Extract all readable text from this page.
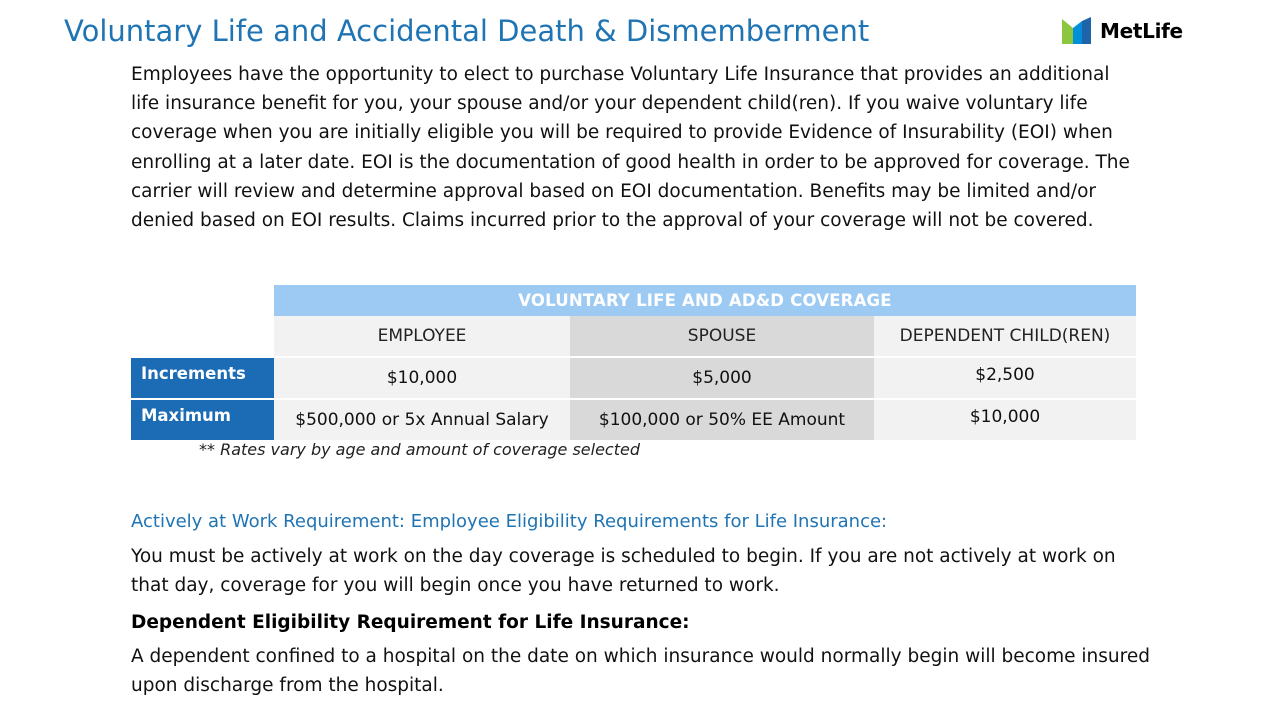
Voluntary Life and Accidental Death & Dismemberment	MetLife

Employees have the opportunity to elect to purchase Voluntary Life Insurance that provides an additional life insurance benefit for you, your spouse and/or your dependent child(ren). If you waive voluntary life coverage when you are initially eligible you will be required to provide Evidence of Insurability (EOI) when enrolling at a later date. EOI is the documentation of good health in order to be approved for coverage. The carrier will review and determine approval based on EOI documentation. Benefits may be limited and/or denied based on EOI results. Claims incurred prior to the approval of your coverage will not be covered.

	VOLUNTARY LIFE AND AD&D COVERAGE		
	EMPLOYEE	SPOUSE	DEPENDENT CHILD(REN)
Increments	$10,000	$5,000	$2,500
Maximum	$500,000 or 5x Annual Salary	$100,000 or 50% EE Amount	$10,000
** Rates vary by age and amount of coverage selected
Actively at Work Requirement: Employee Eligibility Requirements for Life Insurance:

You must be actively at work on the day coverage is scheduled to begin. If you are not actively at work on that day, coverage for you will begin once you have returned to work.

Dependent Eligibility Requirement for Life Insurance:

A dependent confined to a hospital on the date on which insurance would normally begin will become insured upon discharge from the hospital.
